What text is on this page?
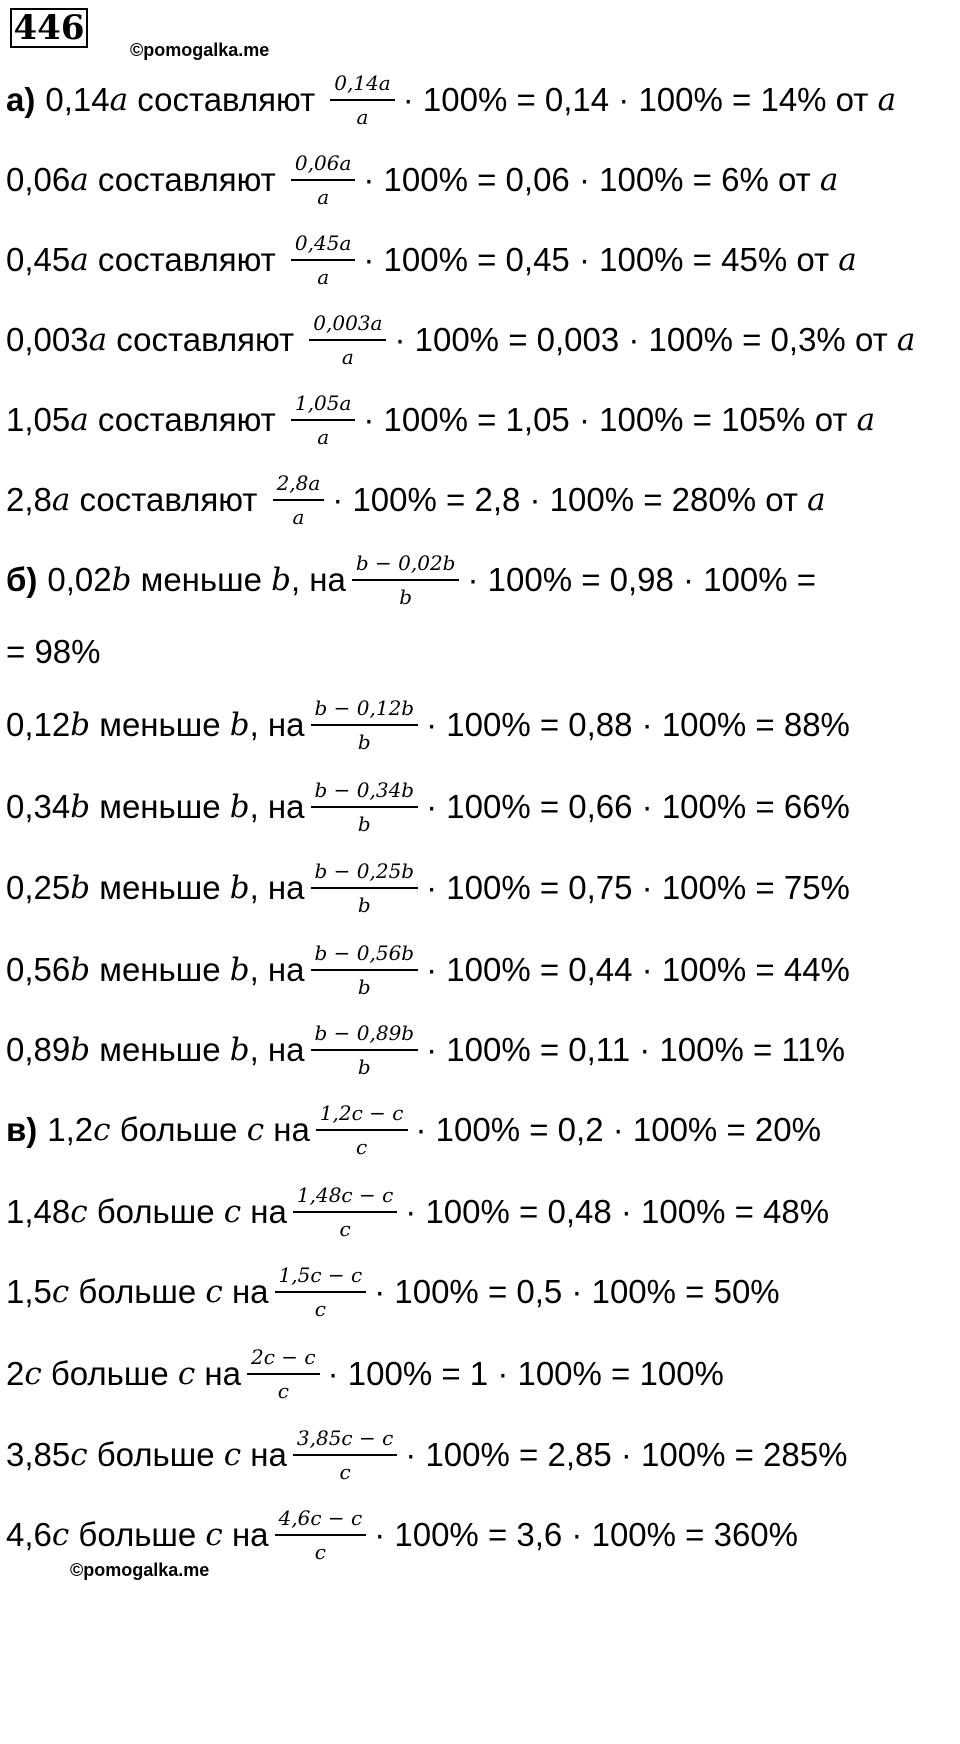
446
©pomogalka.me
©pomogalka.me
а) 0,14 a составляют $\frac{0,14a}{a} \cdot 100\% = 0,14 \cdot 100\% = 14\%$ от
a
0,06 a составляют $\frac{0,06a}{a} \cdot 100\% = 0,06 \cdot 100\% = 6\%$ от
a
0,45 a составляют $\frac{0,45a}{a} \cdot 100\% = 0,45 \cdot 100\% = 45\%$ от
a
0,003 a составляют $\frac{0,003a}{a} \cdot 100\% = 0,003 \cdot 100\% = 0,3\%$ от
a
1,05 a составляют $\frac{1,05a}{a} \cdot 100\% = 1,05 \cdot 100\% = 105\%$ от
a
2,8 a составляют $\frac{2,8a}{a} \cdot 100\% = 2,8 \cdot 100\% = 280\%$ от
a
б) 0,02 b меньше b , на $\frac{b - 0,02b}{b} \cdot 100\% = 0,98 \cdot 100\%$ =
= 98%
0,12 b меньше b , на $\frac{b - 0,12b}{b} \cdot 100\% = 0,88 \cdot 100\% = 88\%$
0,34 b меньше b , на $\frac{b - 0,34b}{b} \cdot 100\% = 0,66 \cdot 100\% = 66\%$
0,25 b меньше b , на $\frac{b - 0,25b}{b} \cdot 100\% = 0,75 \cdot 100\% = 75\%$
0,56 b меньше b , на $\frac{b - 0,56b}{b} \cdot 100\% = 0,44 \cdot 100\% = 44\%$
0,89 b меньше b , на $\frac{b - 0,89b}{b} \cdot 100\% = 0,11 \cdot 100\% = 11\%$
в) 1,2 c больше c на $\frac{1,2c - c}{c} \cdot 100\% = 0,2 \cdot 100\% = 20\%$
1,48 c больше c на $\frac{1,48c - c}{c} \cdot 100\% = 0,48 \cdot 100\% = 48\%$
1,5 c больше c на $\frac{1,5c - c}{c} \cdot 100\% = 0,5 \cdot 100\% = 50\%$
2 c больше c на $\frac{2c - c}{c} \cdot 100\% = 1 \cdot 100\% = 100\%$
3,85 c больше c на $\frac{3,85c - c}{c} \cdot 100\% = 2,85 \cdot 100\% = 285\%$
4,6 c больше c на $\frac{4,6c - c}{c} \cdot 100\% = 3,6 \cdot 100\% = 360\%$
